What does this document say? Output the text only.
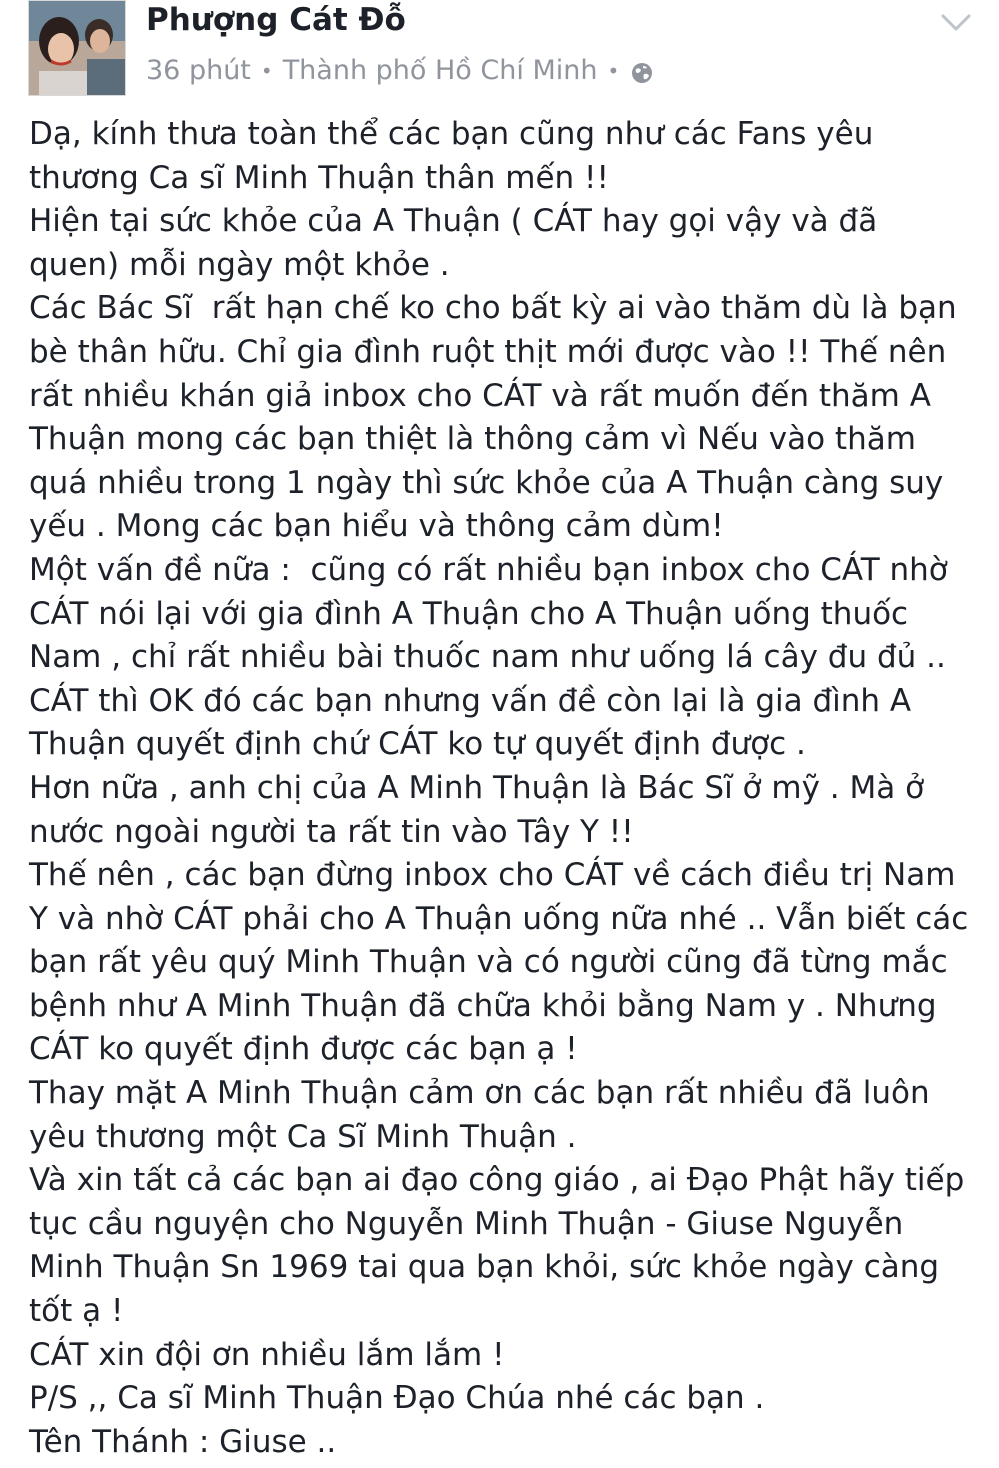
Phượng Cát Đỗ
36 phút • Thành phố Hồ Chí Minh •
Dạ, kính thưa toàn thể các bạn cũng như các Fans yêu
thương Ca sĩ Minh Thuận thân mến !!
Hiện tại sức khỏe của A Thuận ( CÁT hay gọi vậy và đã
quen) mỗi ngày một khỏe .
Các Bác Sĩ  rất hạn chế ko cho bất kỳ ai vào thăm dù là bạn
bè thân hữu. Chỉ gia đình ruột thịt mới được vào !! Thế nên
rất nhiều khán giả inbox cho CÁT và rất muốn đến thăm A
Thuận mong các bạn thiệt là thông cảm vì Nếu vào thăm
quá nhiều trong 1 ngày thì sức khỏe của A Thuận càng suy
yếu . Mong các bạn hiểu và thông cảm dùm!
Một vấn đề nữa :  cũng có rất nhiều bạn inbox cho CÁT nhờ
CÁT nói lại với gia đình A Thuận cho A Thuận uống thuốc
Nam , chỉ rất nhiều bài thuốc nam như uống lá cây đu đủ ..
CÁT thì OK đó các bạn nhưng vấn đề còn lại là gia đình A
Thuận quyết định chứ CÁT ko tự quyết định được .
Hơn nữa , anh chị của A Minh Thuận là Bác Sĩ ở mỹ . Mà ở
nước ngoài người ta rất tin vào Tây Y !!
Thế nên , các bạn đừng inbox cho CÁT về cách điều trị Nam
Y và nhờ CÁT phải cho A Thuận uống nữa nhé .. Vẫn biết các
bạn rất yêu quý Minh Thuận và có người cũng đã từng mắc
bệnh như A Minh Thuận đã chữa khỏi bằng Nam y . Nhưng
CÁT ko quyết định được các bạn ạ !
Thay mặt A Minh Thuận cảm ơn các bạn rất nhiều đã luôn
yêu thương một Ca Sĩ Minh Thuận .
Và xin tất cả các bạn ai đạo công giáo , ai Đạo Phật hãy tiếp
tục cầu nguyện cho Nguyễn Minh Thuận - Giuse Nguyễn
Minh Thuận Sn 1969 tai qua bạn khỏi, sức khỏe ngày càng
tốt ạ !
CÁT xin đội ơn nhiều lắm lắm !
P/S ,, Ca sĩ Minh Thuận Đạo Chúa nhé các bạn .
Tên Thánh : Giuse ..
